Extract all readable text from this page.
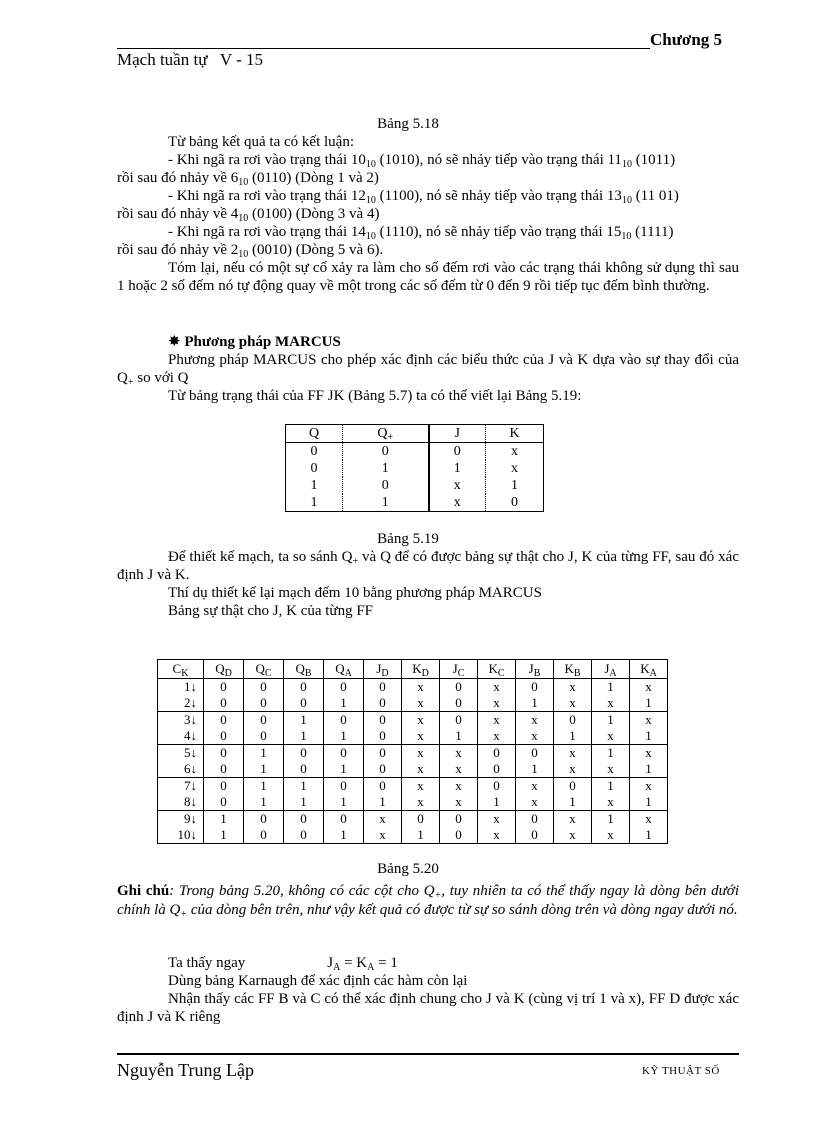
Chương 5
Mạch tuần tự   V - 15
Bảng 5.18

Từ bảng kết quả ta có kết luận:

- Khi ngã ra rơi vào trạng thái $10_{10}$ (1010), nó sẽ nhảy tiếp vào trạng thái $11_{10}$ (1011)

rồi sau đó nhảy về $6_{10}$ (0110) (Dòng 1 và 2)

- Khi ngã ra rơi vào trạng thái $12_{10}$ (1100), nó sẽ nhảy tiếp vào trạng thái $13_{10}$ (11 01)

rồi sau đó nhảy về $4_{10}$ (0100) (Dòng 3 và 4)

- Khi ngã ra rơi vào trạng thái $14_{10}$ (1110), nó sẽ nhảy tiếp vào trạng thái $15_{10}$ (1111)

rồi sau đó nhảy về $2_{10}$ (0010) (Dòng 5 và 6).

Tóm lại, nếu có một sự cố xảy ra làm cho số đếm rơi vào các trạng thái không sử dụng thì sau 1 hoặc 2 số đếm nó tự động quay về một trong các số đếm từ 0 đến 9 rồi tiếp tục đếm bình thường.

✸ Phương pháp MARCUS

Phương pháp MARCUS cho phép xác định các biểu thức của J và K dựa vào sự thay đổi của $Q_+$ so với Q

Từ bảng trạng thái của FF JK (Bảng 5.7) ta có thể viết lại Bảng 5.19:

Q	$Q_+$	J	K
0	0	0	x
0	1	1	x
1	0	x	1
1	1	x	0
Bảng 5.19

Để thiết kế mạch, ta so sánh $Q_+$ và Q để có được bảng sự thật cho J, K của từng FF, sau đó xác định J và K.

Thí dụ thiết kế lại mạch đếm 10 bằng phương pháp MARCUS

Bảng sự thật cho J, K của từng FF

$C_K$	$Q_D$	$Q_C$	$Q_B$	$Q_A$	$J_D$	$K_D$	$J_C$	$K_C$	$J_B$	$K_B$	$J_A$	$K_A$
1↓	0	0	0	0	0	x	0	x	0	x	1	x
2↓	0	0	0	1	0	x	0	x	1	x	x	1
3↓	0	0	1	0	0	x	0	x	x	0	1	x
4↓	0	0	1	1	0	x	1	x	x	1	x	1
5↓	0	1	0	0	0	x	x	0	0	x	1	x
6↓	0	1	0	1	0	x	x	0	1	x	x	1
7↓	0	1	1	0	0	x	x	0	x	0	1	x
8↓	0	1	1	1	1	x	x	1	x	1	x	1
9↓	1	0	0	0	x	0	0	x	0	x	1	x
10↓	1	0	0	1	x	1	0	x	0	x	x	1
Bảng 5.20
Ghi chú: Trong bảng 5.20, không có các cột cho $Q_+$, tuy nhiên ta có thể thấy ngay là dòng bên dưới chính là $Q_+$ của dòng bên trên, như vậy kết quả có được từ sự so sánh dòng trên và dòng ngay dưới nó.

Ta thấy ngay	$J_A = K_A = 1$

Dùng bảng Karnaugh để xác định các hàm còn lại

Nhận thấy các FF B và C có thể xác định chung cho J và K (cùng vị trí 1 và x), FF D được xác định J và K riêng

Nguyễn Trung Lập	KỸ THUẬT SỐ
